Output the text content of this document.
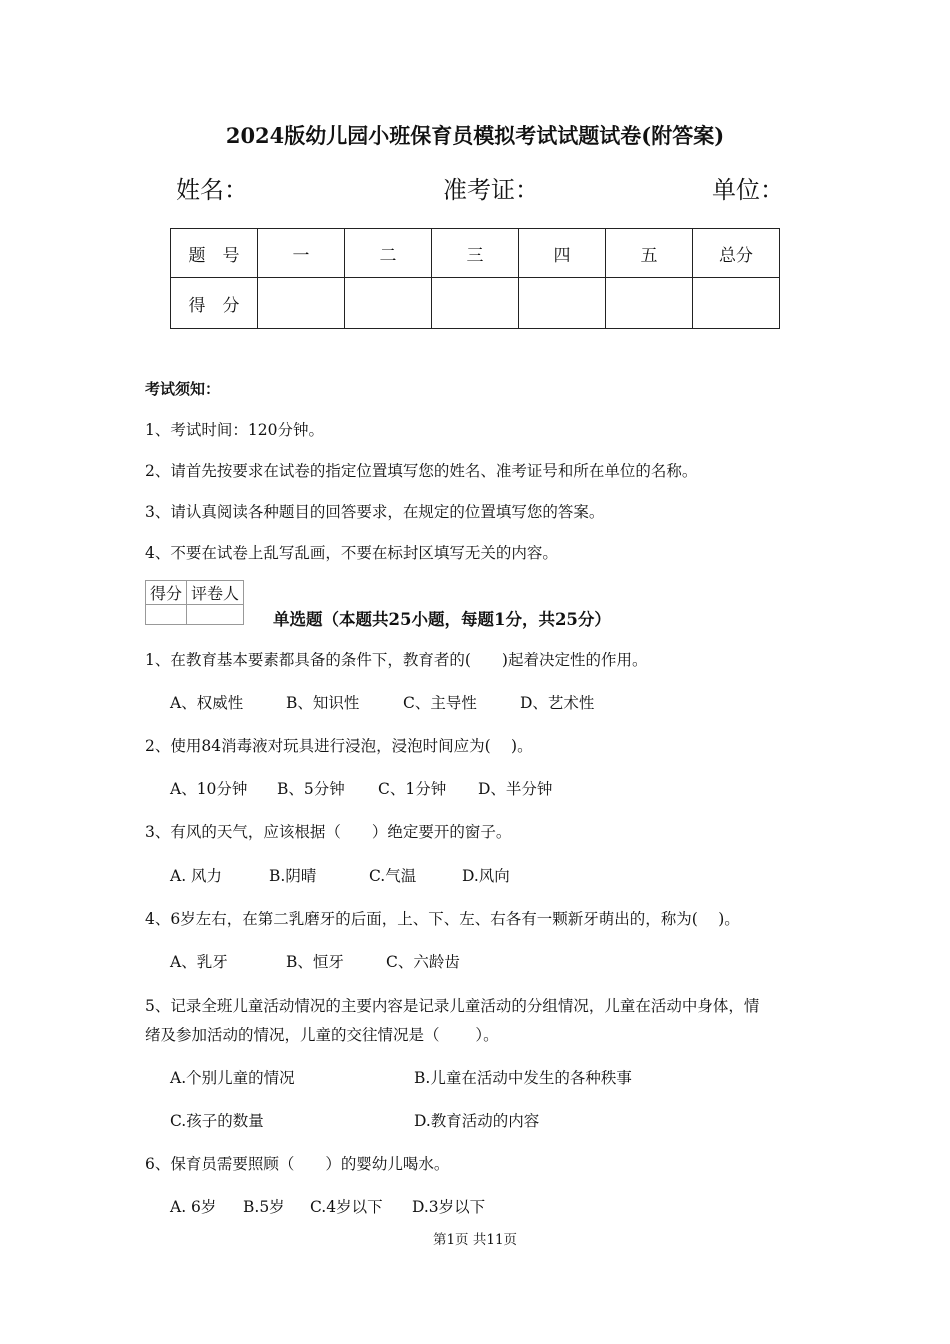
2024版幼儿园小班保育员模拟考试试题试卷(附答案)
姓名：	准考证：	单位：
题　号	一	二	三	四	五	总分
得　分						
考试须知：
1、考试时间：120分钟。
2、请首先按要求在试卷的指定位置填写您的姓名、准考证号和所在单位的名称。
3、请认真阅读各种题目的回答要求，在规定的位置填写您的答案。
4、不要在试卷上乱写乱画，不要在标封区填写无关的内容。
得分	评卷人

单选题（本题共25小题，每题1分，共25分）
1、在教育基本要素都具备的条件下，教育者的(　　)起着决定性的作用。
A、权威性	B、知识性	C、主导性	D、艺术性
2、使用84消毒液对玩具进行浸泡，浸泡时间应为(　 )。
A、10分钟 B、5分钟 C、1分钟 D、半分钟
3、有风的天气，应该根据（　　）绝定要开的窗子。
A. 风力	B.阴晴	C.气温	D.风向
4、6岁左右，在第二乳磨牙的后面，上、下、左、右各有一颗新牙萌出的，称为(　 )。
A、乳牙	B、恒牙	C、六龄齿
5、记录全班儿童活动情况的主要内容是记录儿童活动的分组情况，儿童在活动中身体，情
绪及参加活动的情况，儿童的交往情况是（　　 ）。
A.个别儿童的情况	B.儿童在活动中发生的各种秩事
C.孩子的数量	D.教育活动的内容
6、保育员需要照顾（　　）的婴幼儿喝水。
A. 6岁 B.5岁 C.4岁以下 D.3岁以下
第1页 共11页
